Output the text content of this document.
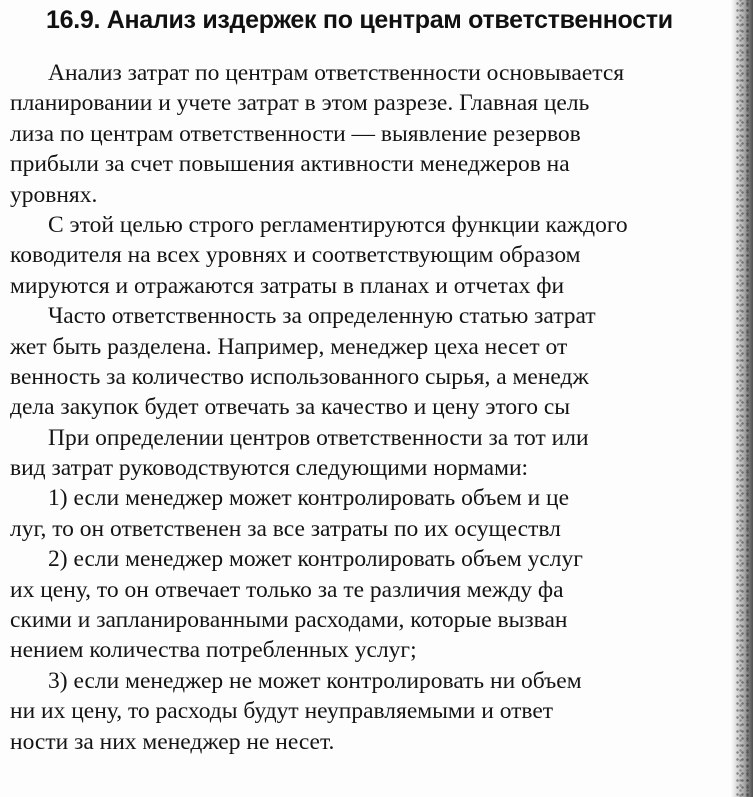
16.9. Анализ издержек по центрам ответственности
Анализ затрат по центрам ответственности основывается
планировании и учете затрат в этом разрезе. Главная цель
лиза по центрам ответственности — выявление резервов
прибыли за счет повышения активности менеджеров на
уровнях.
С этой целью строго регламентируются функции каждого
ководителя на всех уровнях и соответствующим образом
мируются и отражаются затраты в планах и отчетах фи
Часто ответственность за определенную статью затрат
жет быть разделена. Например, менеджер цеха несет от
венность за количество использованного сырья, а менедж
дела закупок будет отвечать за качество и цену этого сы
При определении центров ответственности за тот или
вид затрат руководствуются следующими нормами:
1) если менеджер может контролировать объем и це
луг, то он ответственен за все затраты по их осуществл
2) если менеджер может контролировать объем услуг
их цену, то он отвечает только за те различия между фа
скими и запланированными расходами, которые вызван
нением количества потребленных услуг;
3) если менеджер не может контролировать ни объем
ни их цену, то расходы будут неуправляемыми и ответ
ности за них менеджер не несет.
